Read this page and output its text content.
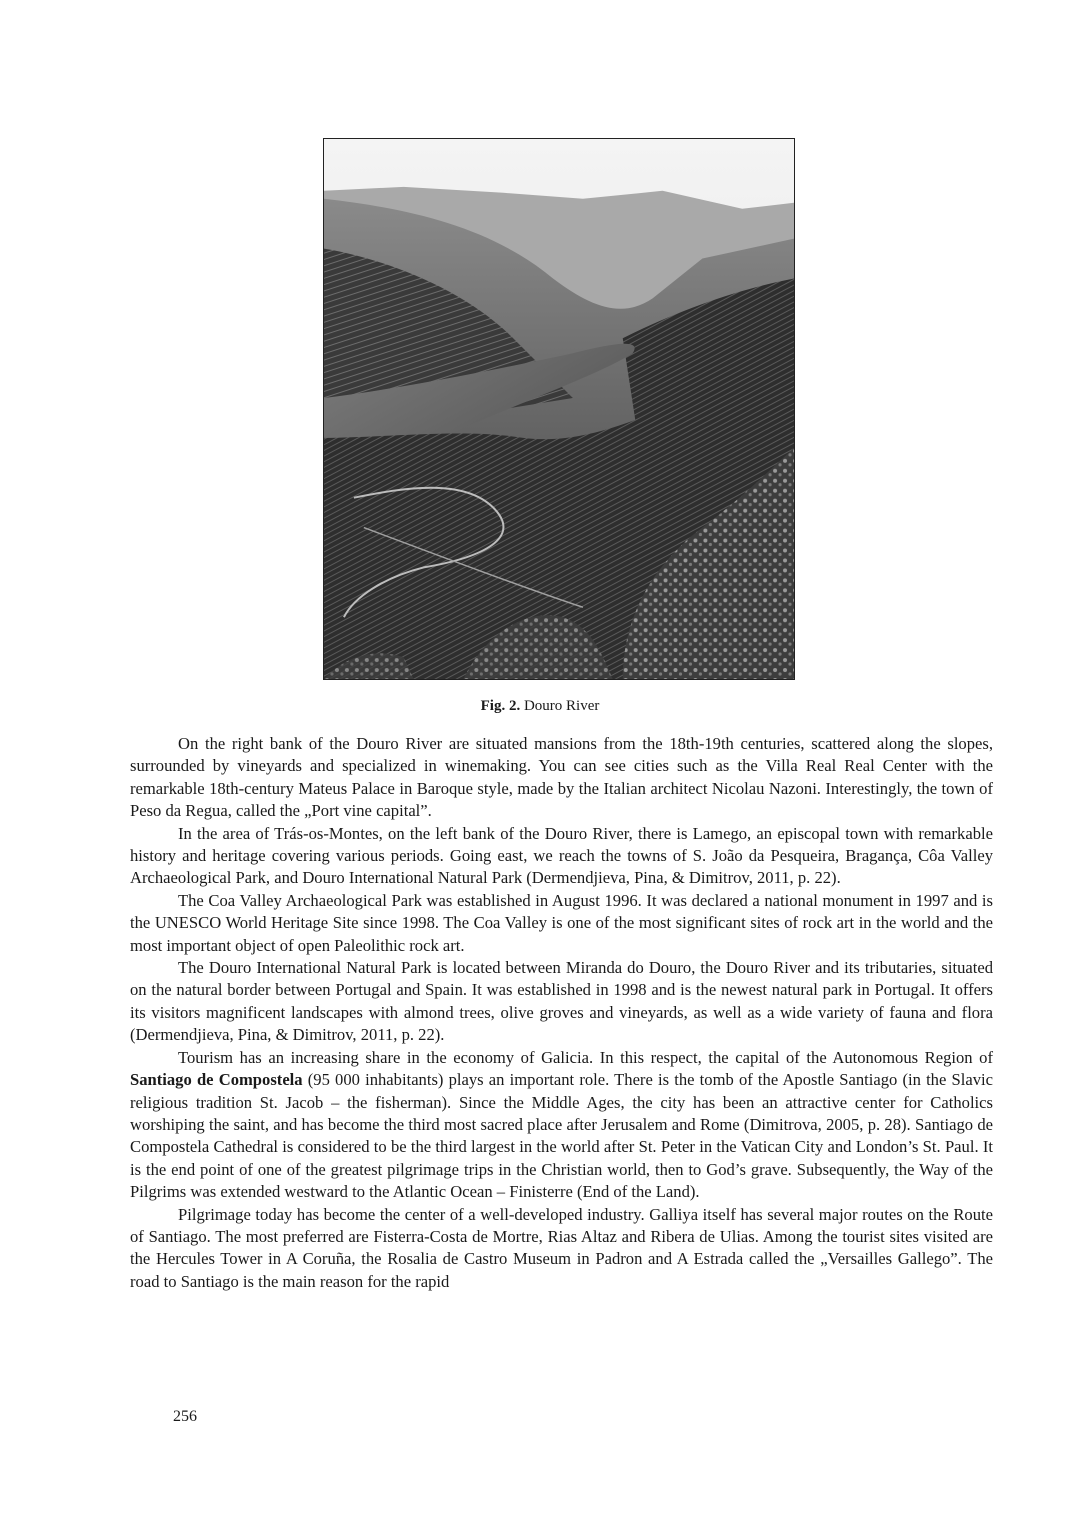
Fig. 2. Douro River

On the right bank of the Douro River are situated mansions from the 18th-19th centuries, scattered along the slopes, surrounded by vineyards and specialized in winemaking. You can see cities such as the Villa Real Real Center with the remarkable 18th-century Mateus Palace in Baroque style, made by the Italian architect Nicolau Nazoni. Interestingly, the town of Peso da Regua, called the „Port vine capital”.

In the area of Trás-os-Montes, on the left bank of the Douro River, there is Lamego, an episcopal town with remarkable history and heritage covering various periods. Going east, we reach the towns of S. João da Pesqueira, Bragança, Côa Valley Archaeological Park, and Douro International Natural Park (Dermendjieva, Pina, & Dimitrov, 2011, p. 22).

The Coa Valley Archaeological Park was established in August 1996. It was declared a national monument in 1997 and is the UNESCO World Heritage Site since 1998. The Coa Valley is one of the most significant sites of rock art in the world and the most important object of open Paleolithic rock art.

The Douro International Natural Park is located between Miranda do Douro, the Douro River and its tributaries, situated on the natural border between Portugal and Spain. It was established in 1998 and is the newest natural park in Portugal. It offers its visitors magnificent landscapes with almond trees, olive groves and vineyards, as well as a wide variety of fauna and flora (Dermendjieva, Pina, & Dimitrov, 2011, p. 22).

Tourism has an increasing share in the economy of Galicia. In this respect, the capital of the Autonomous Region of Santiago de Compostela (95 000 inhabitants) plays an important role. There is the tomb of the Apostle Santiago (in the Slavic religious tradition St. Jacob – the fisherman). Since the Middle Ages, the city has been an attractive center for Catholics worshiping the saint, and has become the third most sacred place after Jerusalem and Rome (Dimitrova, 2005, p. 28). Santiago de Compostela Cathedral is considered to be the third largest in the world after St. Peter in the Vatican City and London’s St. Paul. It is the end point of one of the greatest pilgrimage trips in the Christian world, then to God’s grave. Subsequently, the Way of the Pilgrims was extended westward to the Atlantic Ocean – Finisterre (End of the Land).

Pilgrimage today has become the center of a well-developed industry. Galliya itself has several major routes on the Route of Santiago. The most preferred are Fisterra-Costa de Mortre, Rias Altaz and Ribera de Ulias. Among the tourist sites visited are the Hercules Tower in A Coruña, the Rosalia de Castro Museum in Padron and A Estrada called the „Versailles Gallego”. The road to Santiago is the main reason for the rapid

256
